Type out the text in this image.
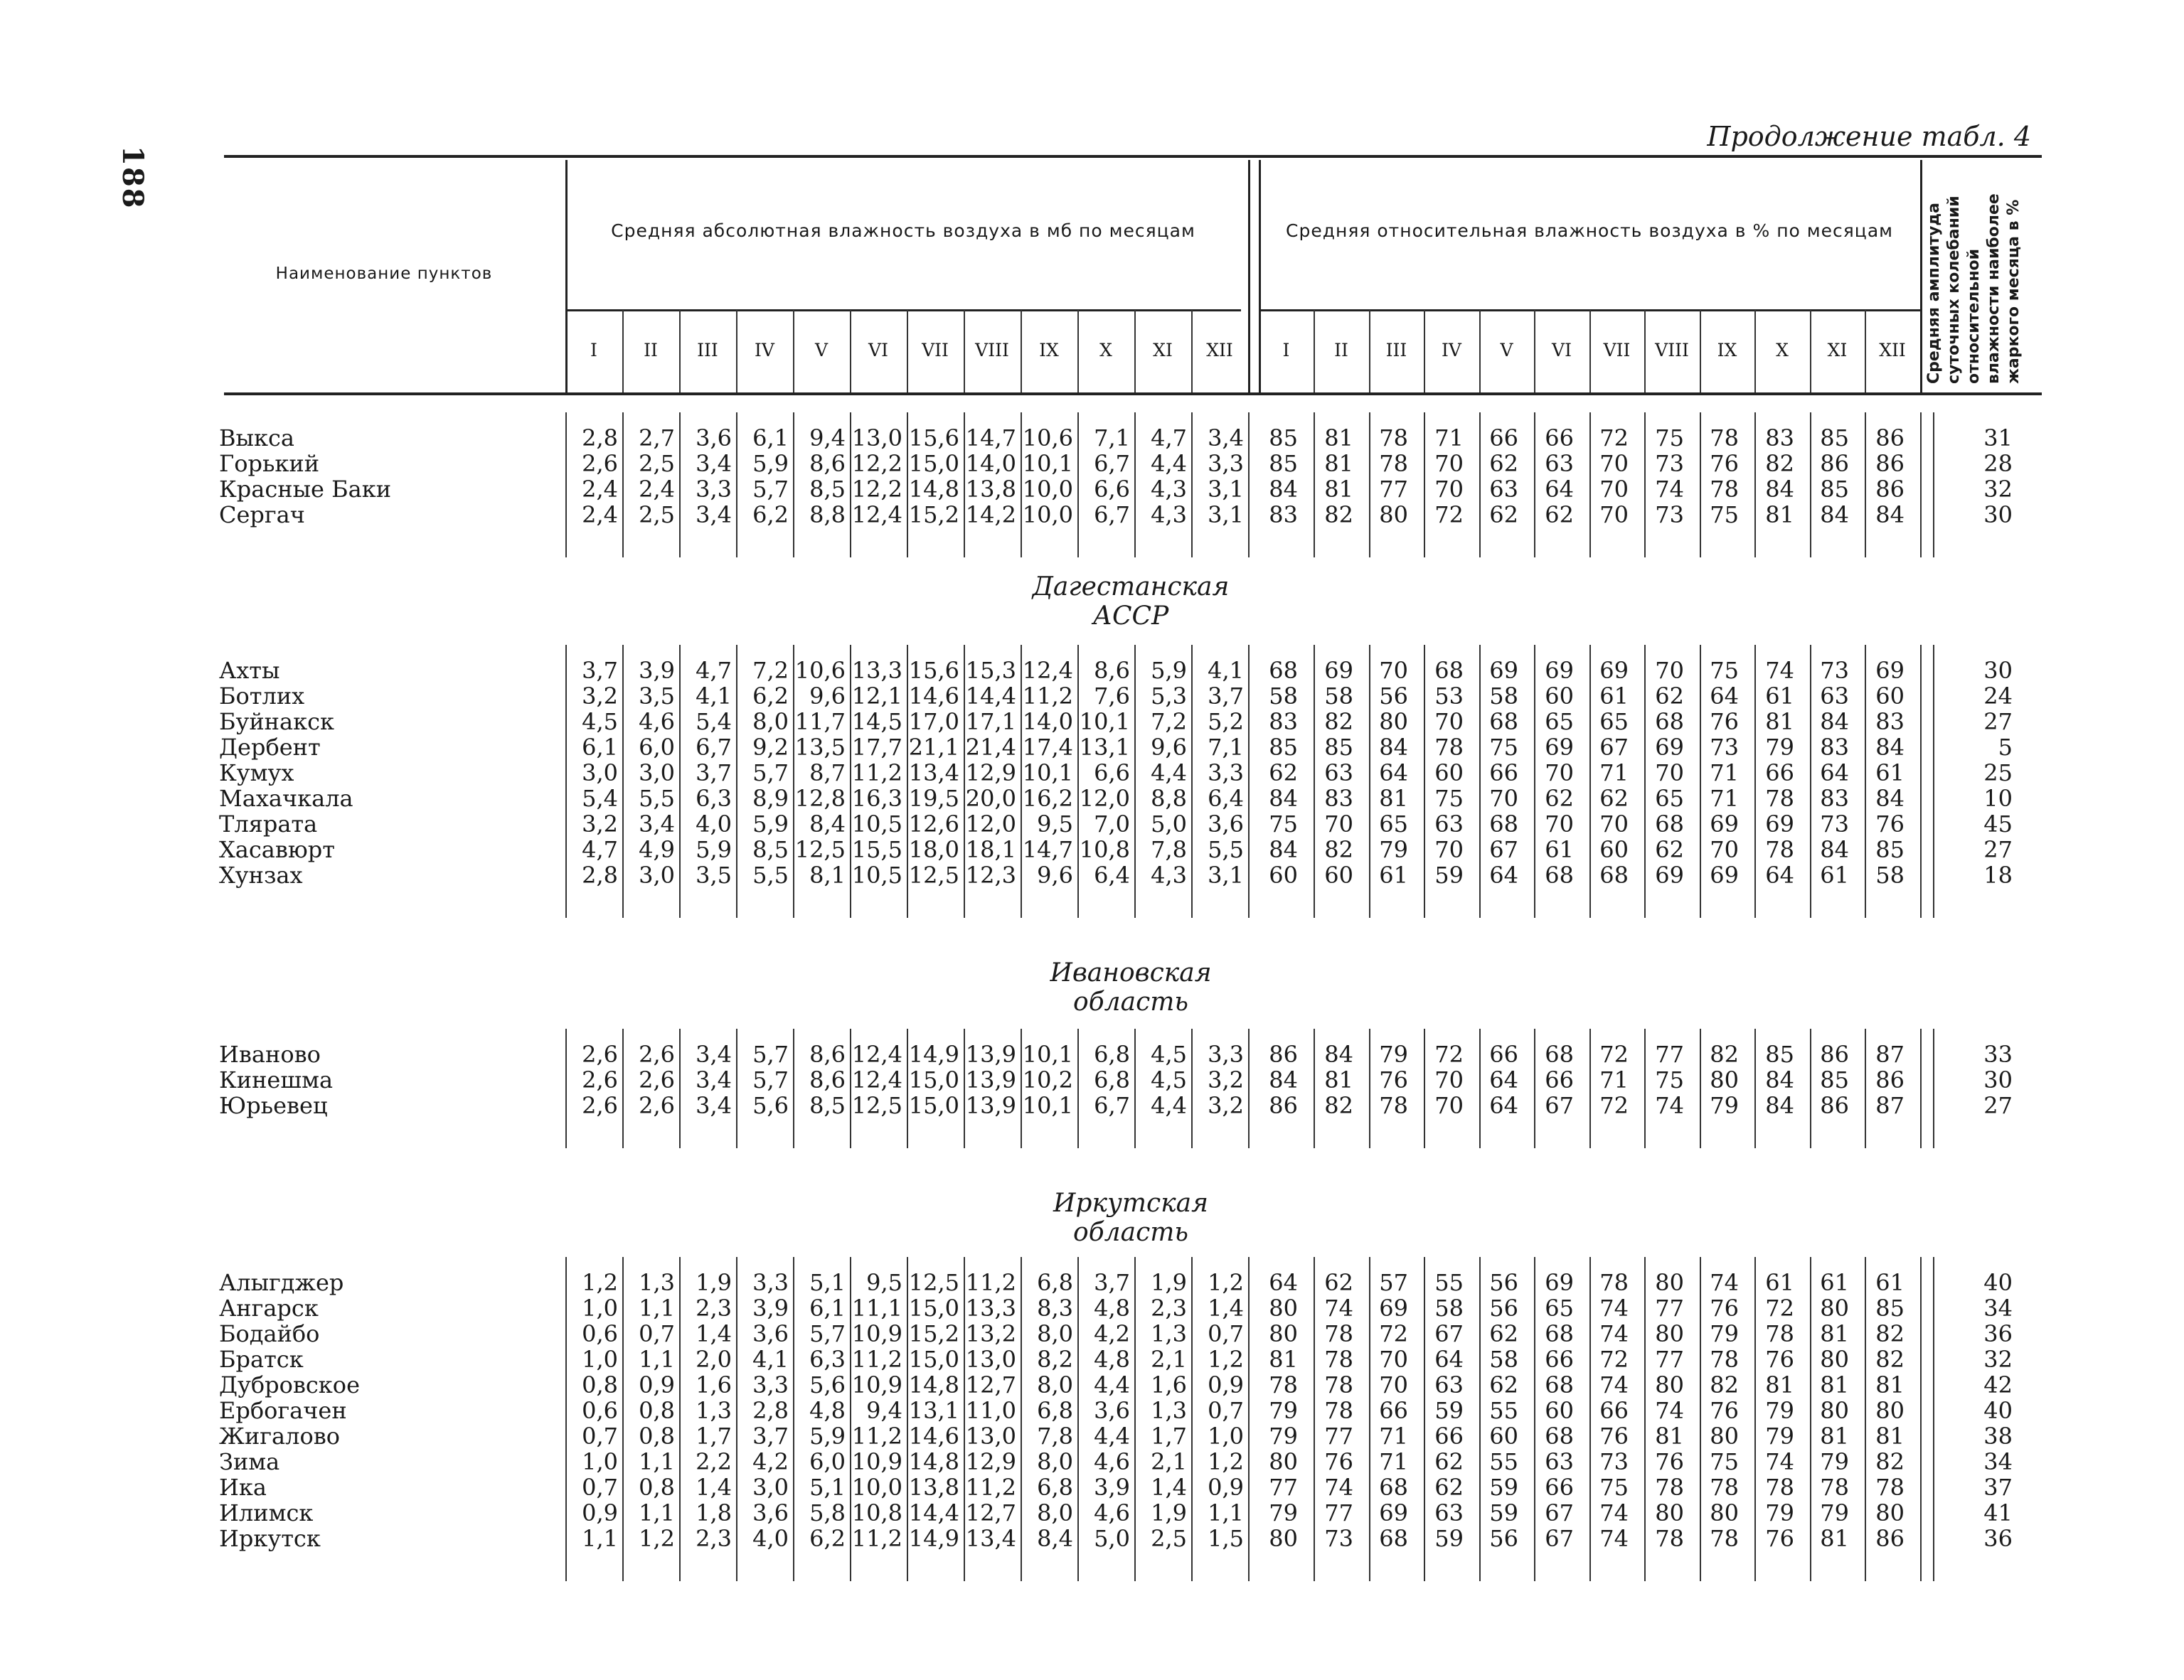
188
Продолжение табл. 4
Наименование пунктов
Средняя абсолютная влажность воздуха в мб по месяцам	Средняя относительная влажность воздуха в % по месяцам	Средняя амплитуда суточных колебаний относительной влажности наиболее жаркого месяца в %
I	II	III	IV	V	VI	VII	VIII	IX	X	XI	XII	I	II	III	IV	V	VI	VII	VIII	IX	X	XI	XII
Выкса	2,8 2,7 3,6 6,1 9,4 13,0 15,6 14,7 10,6 7,1 4,7 3,4	85	81	78	71	66	66	72	75	78	83	85	86	31
Горький	2,6 2,5 3,4 5,9 8,6 12,2 15,0 14,0 10,1 6,7 4,4 3,3	85	81	78	70	62	63	70	73	76	82	86	86	28
Красные Баки	2,4 2,4 3,3 5,7 8,5 12,2 14,8 13,8 10,0 6,6 4,3 3,1	84	81	77	70	63	64	70	74	78	84	85	86	32
Сергач	2,4 2,5 3,4 6,2 8,8 12,4 15,2 14,2 10,0 6,7 4,3 3,1	83	82	80	72	62	62	70	73	75	81	84	84	30
Дагестанская АССР
Ахты	3,7 3,9 4,7 7,2 10,6 13,3 15,6 15,3 12,4 8,6 5,9 4,1	68	69	70	68	69	69	69	70	75	74	73	69	30
Ботлих	3,2 3,5 4,1 6,2 9,6 12,1 14,6 14,4 11,2 7,6 5,3 3,7	58	58	56	53	58	60	61	62	64	61	63	60	24
Буйнакск	4,5 4,6 5,4 8,0 11,7 14,5 17,0 17,1 14,0 10,1 7,2 5,2	83	82	80	70	68	65	65	68	76	81	84	83	27
Дербент	6,1 6,0 6,7 9,2 13,5 17,7 21,1 21,4 17,4 13,1 9,6 7,1	85	85	84	78	75	69	67	69	73	79	83	84	5
Кумух	3,0 3,0 3,7 5,7 8,7 11,2 13,4 12,9 10,1 6,6 4,4 3,3	62	63	64	60	66	70	71	70	71	66	64	61	25
Махачкала	5,4 5,5 6,3 8,9 12,8 16,3 19,5 20,0 16,2 12,0 8,8 6,4	84	83	81	75	70	62	62	65	71	78	83	84	10
Тлярата	3,2 3,4 4,0 5,9 8,4 10,5 12,6 12,0 9,5 7,0 5,0 3,6	75	70	65	63	68	70	70	68	69	69	73	76	45
Хасавюрт	4,7 4,9 5,9 8,5 12,5 15,5 18,0 18,1 14,7 10,8 7,8 5,5	84	82	79	70	67	61	60	62	70	78	84	85	27
Хунзах	2,8 3,0 3,5 5,5 8,1 10,5 12,5 12,3 9,6 6,4 4,3 3,1	60	60	61	59	64	68	68	69	69	64	61	58	18
Ивановская область
Иваново	2,6 2,6 3,4 5,7 8,6 12,4 14,9 13,9 10,1 6,8 4,5 3,3	86	84	79	72	66	68	72	77	82	85	86	87	33
Кинешма	2,6 2,6 3,4 5,7 8,6 12,4 15,0 13,9 10,2 6,8 4,5 3,2	84	81	76	70	64	66	71	75	80	84	85	86	30
Юрьевец	2,6 2,6 3,4 5,6 8,5 12,5 15,0 13,9 10,1 6,7 4,4 3,2	86	82	78	70	64	67	72	74	79	84	86	87	27
Иркутская область
Алыгджер	1,2 1,3 1,9 3,3 5,1 9,5 12,5 11,2 6,8 3,7 1,9 1,2	64	62	57	55	56	69	78	80	74	61	61	61	40
Ангарск	1,0 1,1 2,3 3,9 6,1 11,1 15,0 13,3 8,3 4,8 2,3 1,4	80	74	69	58	56	65	74	77	76	72	80	85	34
Бодайбо	0,6 0,7 1,4 3,6 5,7 10,9 15,2 13,2 8,0 4,2 1,3 0,7	80	78	72	67	62	68	74	80	79	78	81	82	36
Братск	1,0 1,1 2,0 4,1 6,3 11,2 15,0 13,0 8,2 4,8 2,1 1,2	81	78	70	64	58	66	72	77	78	76	80	82	32
Дубровское	0,8 0,9 1,6 3,3 5,6 10,9 14,8 12,7 8,0 4,4 1,6 0,9	78	78	70	63	62	68	74	80	82	81	81	81	42
Ербогачен	0,6 0,8 1,3 2,8 4,8 9,4 13,1 11,0 6,8 3,6 1,3 0,7	79	78	66	59	55	60	66	74	76	79	80	80	40
Жигалово	0,7 0,8 1,7 3,7 5,9 11,2 14,6 13,0 7,8 4,4 1,7 1,0	79	77	71	66	60	68	76	81	80	79	81	81	38
Зима	1,0 1,1 2,2 4,2 6,0 10,9 14,8 12,9 8,0 4,6 2,1 1,2	80	76	71	62	55	63	73	76	75	74	79	82	34
Ика	0,7 0,8 1,4 3,0 5,1 10,0 13,8 11,2 6,8 3,9 1,4 0,9	77	74	68	62	59	66	75	78	78	78	78	78	37
Илимск	0,9 1,1 1,8 3,6 5,8 10,8 14,4 12,7 8,0 4,6 1,9 1,1	79	77	69	63	59	67	74	80	80	79	79	80	41
Иркутск	1,1 1,2 2,3 4,0 6,2 11,2 14,9 13,4 8,4 5,0 2,5 1,5	80	73	68	59	56	67	74	78	78	76	81	86	36
